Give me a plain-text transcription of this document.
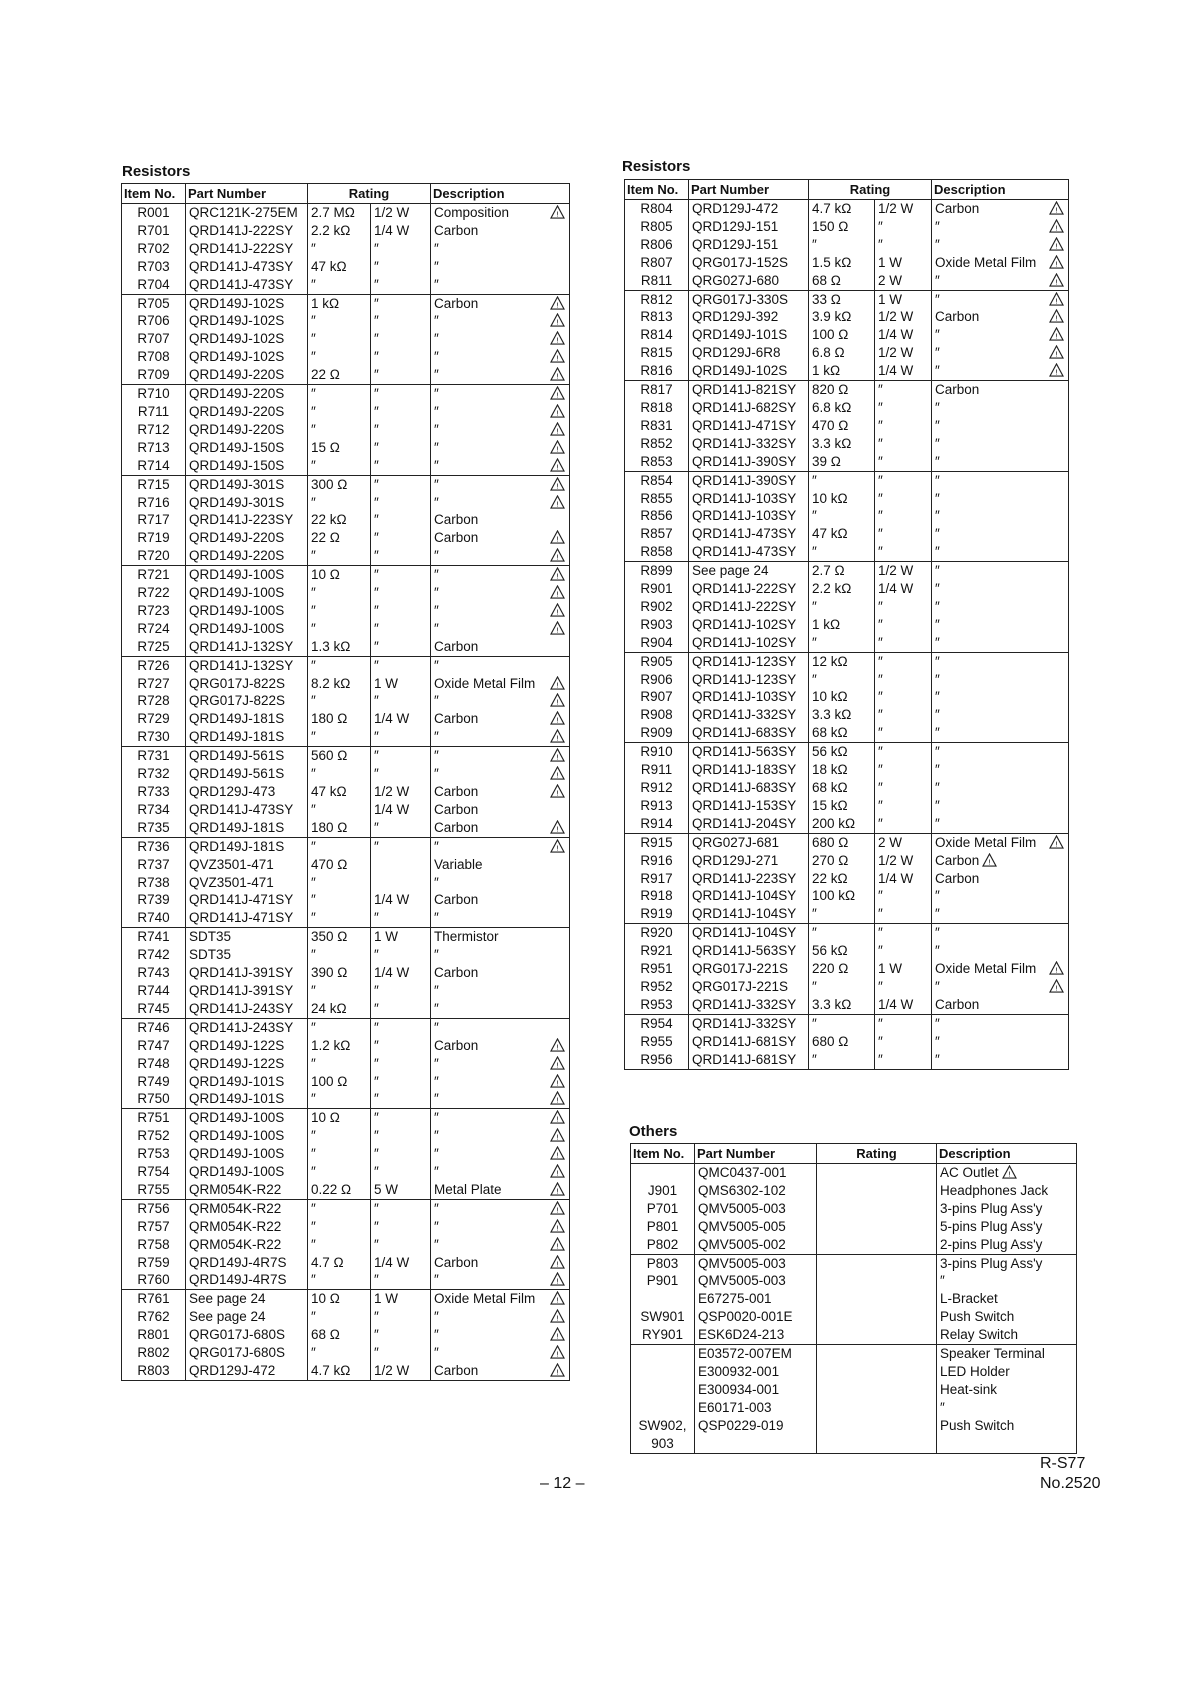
Resistors
Item No.	Part Number	Rating		Description
R001	QRC121K-275EM	2.7 MΩ	1/2 W	Composition !

R701	QRD141J-222SY	2.2 kΩ	1/4 W	Carbon
R702	QRD141J-222SY	″	″	″
R703	QRD141J-473SY	47 kΩ	″	″
R704	QRD141J-473SY	″	″	″
R705	QRD149J-102S	1 kΩ	″	Carbon !

R706	QRD149J-102S	″	″	″ !

R707	QRD149J-102S	″	″	″ !

R708	QRD149J-102S	″	″	″ !

R709	QRD149J-220S	22 Ω	″	″ !

R710	QRD149J-220S	″	″	″ !

R711	QRD149J-220S	″	″	″ !

R712	QRD149J-220S	″	″	″ !

R713	QRD149J-150S	15 Ω	″	″ !

R714	QRD149J-150S	″	″	″ !

R715	QRD149J-301S	300 Ω	″	″ !

R716	QRD149J-301S	″	″	″ !

R717	QRD141J-223SY	22 kΩ	″	Carbon
R719	QRD149J-220S	22 Ω	″	Carbon !

R720	QRD149J-220S	″	″	″ !

R721	QRD149J-100S	10 Ω	″	″ !

R722	QRD149J-100S	″	″	″ !

R723	QRD149J-100S	″	″	″ !

R724	QRD149J-100S	″	″	″ !

R725	QRD141J-132SY	1.3 kΩ	″	Carbon
R726	QRD141J-132SY	″	″	″
R727	QRG017J-822S	8.2 kΩ	1 W	Oxide Metal Film !

R728	QRG017J-822S	″	″	″ !

R729	QRD149J-181S	180 Ω	1/4 W	Carbon !

R730	QRD149J-181S	″	″	″ !

R731	QRD149J-561S	560 Ω	″	″ !

R732	QRD149J-561S	″	″	″ !

R733	QRD129J-473	47 kΩ	1/2 W	Carbon !

R734	QRD141J-473SY	″	1/4 W	Carbon
R735	QRD149J-181S	180 Ω	″	Carbon !

R736	QRD149J-181S	″	″	″ !

R737	QVZ3501-471	470 Ω		Variable
R738	QVZ3501-471	″		″
R739	QRD141J-471SY	″	1/4 W	Carbon
R740	QRD141J-471SY	″	″	″
R741	SDT35	350 Ω	1 W	Thermistor
R742	SDT35	″	″	″
R743	QRD141J-391SY	390 Ω	1/4 W	Carbon
R744	QRD141J-391SY	″	″	″
R745	QRD141J-243SY	24 kΩ	″	″
R746	QRD141J-243SY	″	″	″
R747	QRD149J-122S	1.2 kΩ	″	Carbon !

R748	QRD149J-122S	″	″	″ !

R749	QRD149J-101S	100 Ω	″	″ !

R750	QRD149J-101S	″	″	″ !

R751	QRD149J-100S	10 Ω	″	″ !

R752	QRD149J-100S	″	″	″ !

R753	QRD149J-100S	″	″	″ !

R754	QRD149J-100S	″	″	″ !

R755	QRM054K-R22	0.22 Ω	5 W	Metal Plate !

R756	QRM054K-R22	″	″	″ !

R757	QRM054K-R22	″	″	″ !

R758	QRM054K-R22	″	″	″ !

R759	QRD149J-4R7S	4.7 Ω	1/4 W	Carbon !

R760	QRD149J-4R7S	″	″	″ !

R761	See page 24	10 Ω	1 W	Oxide Metal Film !

R762	See page 24	″	″	″ !

R801	QRG017J-680S	68 Ω	″	″ !

R802	QRG017J-680S	″	″	″ !

R803	QRD129J-472	4.7 kΩ	1/2 W	Carbon !
Resistors
Item No.	Part Number	Rating		Description
R804	QRD129J-472	4.7 kΩ	1/2 W	Carbon !

R805	QRD129J-151	150 Ω	″	″ !

R806	QRD129J-151	″	″	″ !

R807	QRG017J-152S	1.5 kΩ	1 W	Oxide Metal Film !

R811	QRG027J-680	68 Ω	2 W	″ !

R812	QRG017J-330S	33 Ω	1 W	″ !

R813	QRD129J-392	3.9 kΩ	1/2 W	Carbon !

R814	QRD149J-101S	100 Ω	1/4 W	″ !

R815	QRD129J-6R8	6.8 Ω	1/2 W	″ !

R816	QRD149J-102S	1 kΩ	1/4 W	″ !

R817	QRD141J-821SY	820 Ω	″	Carbon
R818	QRD141J-682SY	6.8 kΩ	″	″
R831	QRD141J-471SY	470 Ω	″	″
R852	QRD141J-332SY	3.3 kΩ	″	″
R853	QRD141J-390SY	39 Ω	″	″
R854	QRD141J-390SY	″	″	″
R855	QRD141J-103SY	10 kΩ	″	″
R856	QRD141J-103SY	″	″	″
R857	QRD141J-473SY	47 kΩ	″	″
R858	QRD141J-473SY	″	″	″
R899	See page 24	2.7 Ω	1/2 W	″
R901	QRD141J-222SY	2.2 kΩ	1/4 W	″
R902	QRD141J-222SY	″	″	″
R903	QRD141J-102SY	1 kΩ	″	″
R904	QRD141J-102SY	″	″	″
R905	QRD141J-123SY	12 kΩ	″	″
R906	QRD141J-123SY	″	″	″
R907	QRD141J-103SY	10 kΩ	″	″
R908	QRD141J-332SY	3.3 kΩ	″	″
R909	QRD141J-683SY	68 kΩ	″	″
R910	QRD141J-563SY	56 kΩ	″	″
R911	QRD141J-183SY	18 kΩ	″	″
R912	QRD141J-683SY	68 kΩ	″	″
R913	QRD141J-153SY	15 kΩ	″	″
R914	QRD141J-204SY	200 kΩ	″	″
R915	QRG027J-681	680 Ω	2 W	Oxide Metal Film !

R916	QRD129J-271	270 Ω	1/2 W	Carbon !

R917	QRD141J-223SY	22 kΩ	1/4 W	Carbon
R918	QRD141J-104SY	100 kΩ	″	″
R919	QRD141J-104SY	″	″	″
R920	QRD141J-104SY	″	″	″
R921	QRD141J-563SY	56 kΩ	″	″
R951	QRG017J-221S	220 Ω	1 W	Oxide Metal Film !

R952	QRG017J-221S	″	″	″ !

R953	QRD141J-332SY	3.3 kΩ	1/4 W	Carbon
R954	QRD141J-332SY	″	″	″
R955	QRD141J-681SY	680 Ω	″	″
R956	QRD141J-681SY	″	″	″
Others
Item No.	Part Number	Rating		Description
	QMC0437-001			AC Outlet !

J901	QMS6302-102			Headphones Jack
P701	QMV5005-003			3-pins Plug Ass'y
P801	QMV5005-005			5-pins Plug Ass'y
P802	QMV5005-002			2-pins Plug Ass'y
P803	QMV5005-003			3-pins Plug Ass'y
P901	QMV5005-003			″
	E67275-001			L-Bracket
SW901	QSP0020-001E			Push Switch
RY901	ESK6D24-213			Relay Switch
	E03572-007EM			Speaker Terminal
	E300932-001			LED Holder
	E300934-001			Heat-sink
	E60171-003			″
SW902,	QSP0229-019			Push Switch
903				
– 12 –
R-S77
No.2520
